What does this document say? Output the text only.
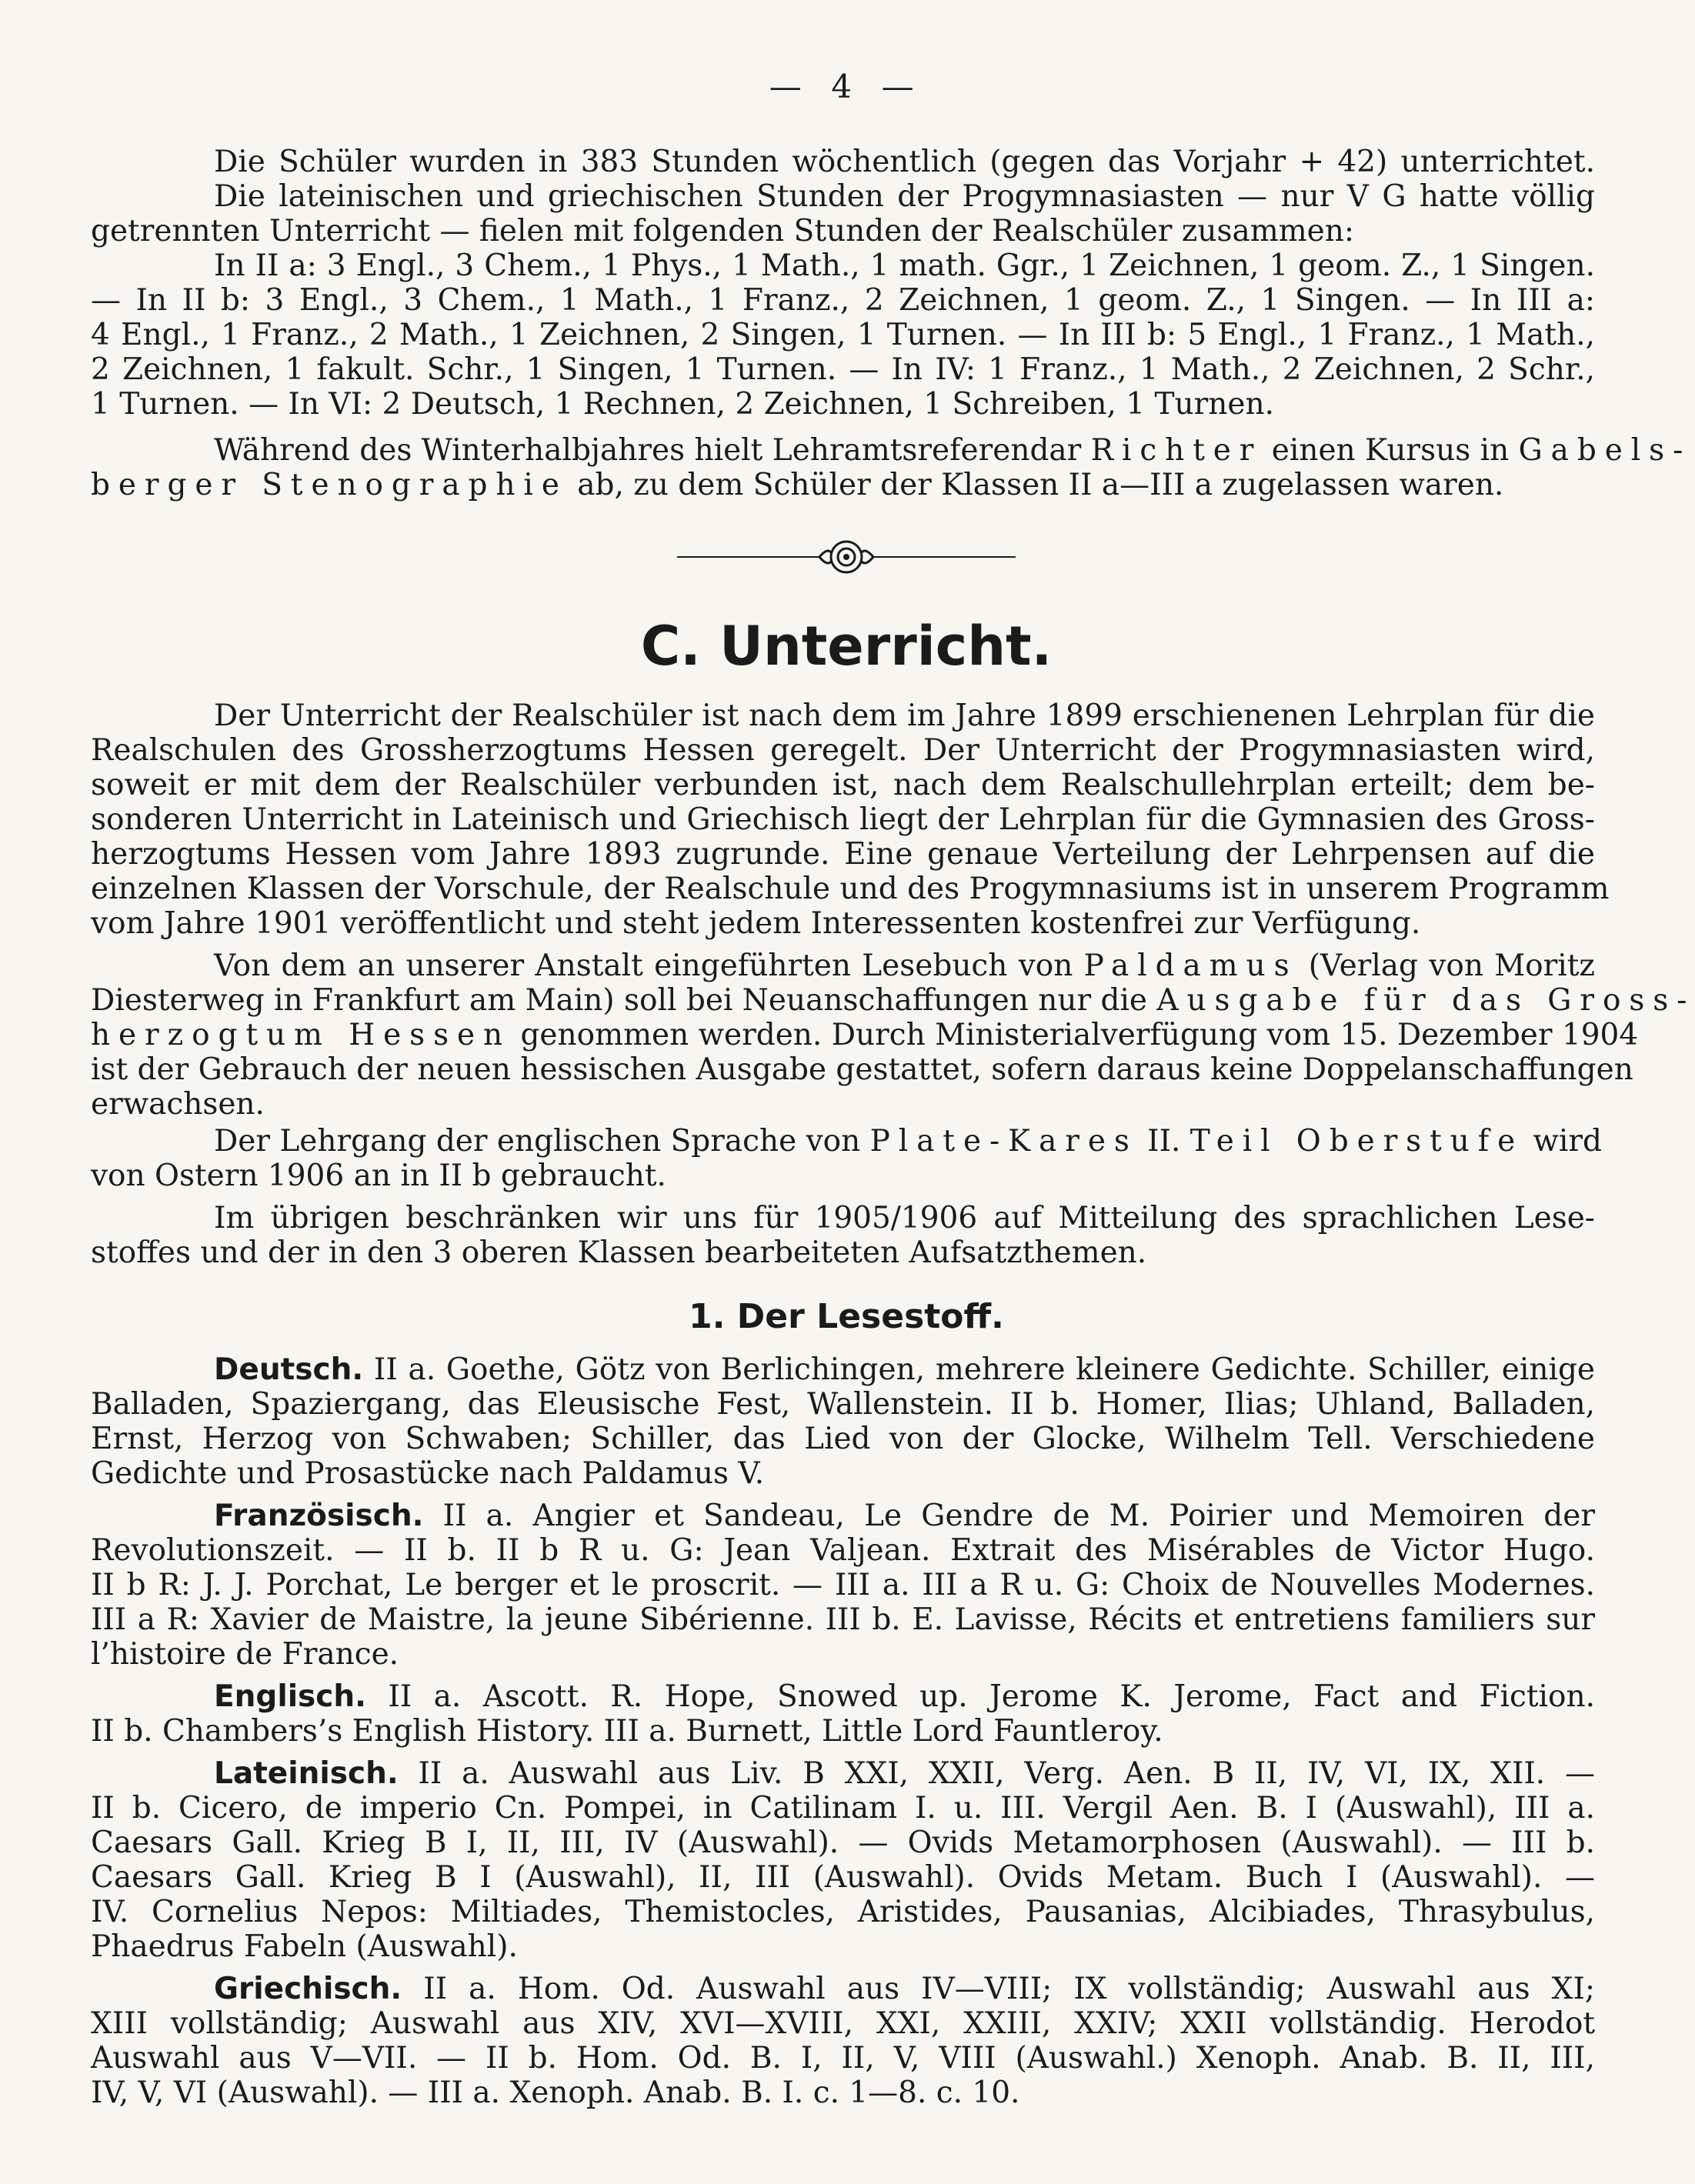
— 4 —

Die Schüler wurden in 383 Stunden wöchentlich (gegen das Vorjahr + 42) unterrichtet.

Die lateinischen und griechischen Stunden der Progymnasiasten — nur V G hatte völlig

getrennten Unterricht — fielen mit folgenden Stunden der Realschüler zusammen:

In II a: 3 Engl., 3 Chem., 1 Phys., 1 Math., 1 math. Ggr., 1 Zeichnen, 1 geom. Z., 1 Singen.

— In II b: 3 Engl., 3 Chem., 1 Math., 1 Franz., 2 Zeichnen, 1 geom. Z., 1 Singen. — In III a:

4 Engl., 1 Franz., 2 Math., 1 Zeichnen, 2 Singen, 1 Turnen. — In III b: 5 Engl., 1 Franz., 1 Math.,

2 Zeichnen, 1 fakult. Schr., 1 Singen, 1 Turnen. — In IV: 1 Franz., 1 Math., 2 Zeichnen, 2 Schr.,

1 Turnen. — In VI: 2 Deutsch, 1 Rechnen, 2 Zeichnen, 1 Schreiben, 1 Turnen.

Während des Winterhalbjahres hielt Lehramtsreferendar Richter einen Kursus in Gabels-

berger Stenographie ab, zu dem Schüler der Klassen II a—III a zugelassen waren.

C. Unterricht.

Der Unterricht der Realschüler ist nach dem im Jahre 1899 erschienenen Lehrplan für die

Realschulen des Grossherzogtums Hessen geregelt. Der Unterricht der Progymnasiasten wird,

soweit er mit dem der Realschüler verbunden ist, nach dem Realschullehrplan erteilt; dem be-

sonderen Unterricht in Lateinisch und Griechisch liegt der Lehrplan für die Gymnasien des Gross-

herzogtums Hessen vom Jahre 1893 zugrunde. Eine genaue Verteilung der Lehrpensen auf die

einzelnen Klassen der Vorschule, der Realschule und des Progymnasiums ist in unserem Programm

vom Jahre 1901 veröffentlicht und steht jedem Interessenten kostenfrei zur Verfügung.

Von dem an unserer Anstalt eingeführten Lesebuch von Paldamus (Verlag von Moritz

Diesterweg in Frankfurt am Main) soll bei Neuanschaffungen nur die Ausgabe für das Gross-

herzogtum Hessen genommen werden. Durch Ministerialverfügung vom 15. Dezember 1904

ist der Gebrauch der neuen hessischen Ausgabe gestattet, sofern daraus keine Doppelanschaffungen

erwachsen.

Der Lehrgang der englischen Sprache von Plate-Kares II. Teil Oberstufe wird

von Ostern 1906 an in II b gebraucht.

Im übrigen beschränken wir uns für 1905/1906 auf Mitteilung des sprachlichen Lese-

stoffes und der in den 3 oberen Klassen bearbeiteten Aufsatzthemen.

1. Der Lesestoff.

Deutsch. II a. Goethe, Götz von Berlichingen, mehrere kleinere Gedichte. Schiller, einige

Balladen, Spaziergang, das Eleusische Fest, Wallenstein. II b. Homer, Ilias; Uhland, Balladen,

Ernst, Herzog von Schwaben; Schiller, das Lied von der Glocke, Wilhelm Tell. Verschiedene

Gedichte und Prosastücke nach Paldamus V.

Französisch. II a. Angier et Sandeau, Le Gendre de M. Poirier und Memoiren der

Revolutionszeit. — II b. II b R u. G: Jean Valjean. Extrait des Misérables de Victor Hugo.

II b R: J. J. Porchat, Le berger et le proscrit. — III a. III a R u. G: Choix de Nouvelles Modernes.

III a R: Xavier de Maistre, la jeune Sibérienne. III b. E. Lavisse, Récits et entretiens familiers sur

l’histoire de France.

Englisch. II a. Ascott. R. Hope, Snowed up. Jerome K. Jerome, Fact and Fiction.

II b. Chambers’s English History. III a. Burnett, Little Lord Fauntleroy.

Lateinisch. II a. Auswahl aus Liv. B XXI, XXII, Verg. Aen. B II, IV, VI, IX, XII. —

II b. Cicero, de imperio Cn. Pompei, in Catilinam I. u. III. Vergil Aen. B. I (Auswahl), III a.

Caesars Gall. Krieg B I, II, III, IV (Auswahl). — Ovids Metamorphosen (Auswahl). — III b.

Caesars Gall. Krieg B I (Auswahl), II, III (Auswahl). Ovids Metam. Buch I (Auswahl). —

IV. Cornelius Nepos: Miltiades, Themistocles, Aristides, Pausanias, Alcibiades, Thrasybulus,

Phaedrus Fabeln (Auswahl).

Griechisch. II a. Hom. Od. Auswahl aus IV—VIII; IX vollständig; Auswahl aus XI;

XIII vollständig; Auswahl aus XIV, XVI—XVIII, XXI, XXIII, XXIV; XXII vollständig. Herodot

Auswahl aus V—VII. — II b. Hom. Od. B. I, II, V, VIII (Auswahl.) Xenoph. Anab. B. II, III,

IV, V, VI (Auswahl). — III a. Xenoph. Anab. B. I. c. 1—8. c. 10.
